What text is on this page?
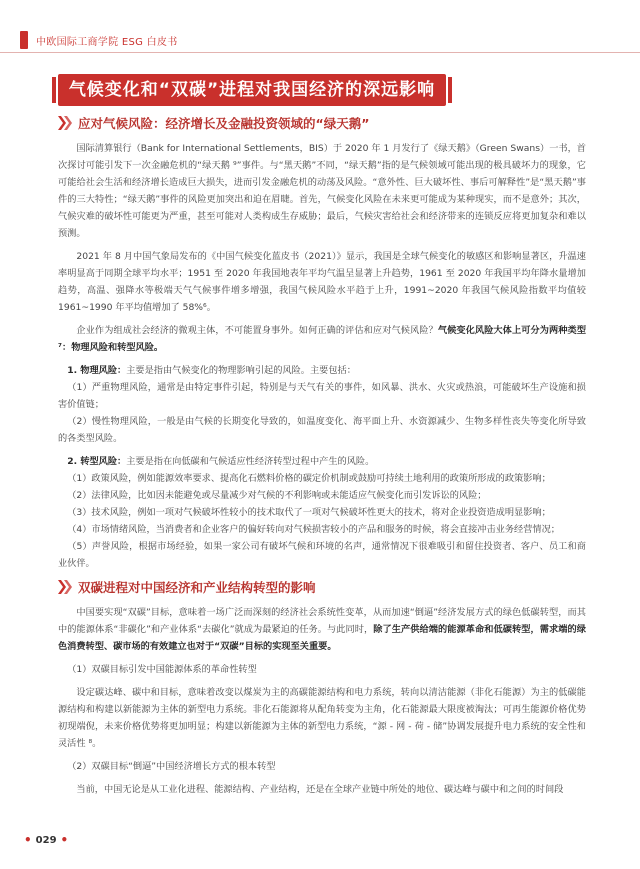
中欧国际工商学院 ESG 白皮书
气候变化和“双碳”进程对我国经济的深远影响
应对气候风险：经济增长及金融投资领域的“绿天鹅”

国际清算银行（Bank for International Settlements，BIS）于 2020 年 1 月发行了《绿天鹅》（Green Swans）一书，首次探讨可能引发下一次金融危机的“绿天鹅 ⁹”事件。与“黑天鹅”不同，“绿天鹅”指的是气候领域可能出现的极具破坏力的现象，它可能给社会生活和经济增长造成巨大损失，进而引发金融危机的动荡及风险。“意外性、巨大破坏性、事后可解释性”是“黑天鹅”事件的三大特性；“绿天鹅”事件的风险更加突出和迫在眉睫。首先，气候变化风险在未来更可能成为某种现实，而不是意外；其次，气候灾难的破坏性可能更为严重，甚至可能对人类构成生存威胁；最后，气候灾害给社会和经济带来的连锁反应将更加复杂和难以预测。

2021 年 8 月中国气象局发布的《中国气候变化蓝皮书（2021）》显示，我国是全球气候变化的敏感区和影响显著区，升温速率明显高于同期全球平均水平；1951 至 2020 年我国地表年平均气温呈显著上升趋势，1961 至 2020 年我国平均年降水量增加趋势，高温、强降水等极端天气气候事件增多增强，我国气候风险水平趋于上升，1991~2020 年我国气候风险指数平均值较 1961~1990 年平均值增加了 58%⁶。

企业作为组成社会经济的微观主体，不可能置身事外。如何正确的评估和应对气候风险？气候变化风险大体上可分为两种类型⁷：物理风险和转型风险。

1. 物理风险：主要是指由气候变化的物理影响引起的风险。主要包括：

（1）严重物理风险，通常是由特定事件引起，特别是与天气有关的事件，如风暴、洪水、火灾或热浪，可能破坏生产设施和损害价值链；

（2）慢性物理风险，一般是由气候的长期变化导致的，如温度变化、海平面上升、水资源减少、生物多样性丧失等变化所导致的各类型风险。

2. 转型风险：主要是指在向低碳和气候适应性经济转型过程中产生的风险。

（1）政策风险，例如能源效率要求、提高化石燃料价格的碳定价机制或鼓励可持续土地利用的政策所形成的政策影响；

（2）法律风险，比如因未能避免或尽量减少对气候的不利影响或未能适应气候变化而引发诉讼的风险；

（3）技术风险，例如一项对气候破坏性较小的技术取代了一项对气候破坏性更大的技术，将对企业投资造成明显影响；

（4）市场情绪风险，当消费者和企业客户的偏好转向对气候损害较小的产品和服务的时候，将会直接冲击业务经营情况；

（5）声誉风险，根据市场经验，如果一家公司有破坏气候和环境的名声，通常情况下很难吸引和留住投资者、客户、员工和商业伙伴。

双碳进程对中国经济和产业结构转型的影响

中国要实现“双碳”目标，意味着一场广泛而深刻的经济社会系统性变革，从而加速“倒逼”经济发展方式的绿色低碳转型，而其中的能源体系“非碳化”和产业体系“去碳化”就成为最紧迫的任务。与此同时，除了生产供给端的能源革命和低碳转型，需求端的绿色消费转型、碳市场的有效建立也对于“双碳”目标的实现至关重要。

（1）双碳目标引发中国能源体系的革命性转型

设定碳达峰、碳中和目标，意味着改变以煤炭为主的高碳能源结构和电力系统，转向以清洁能源（非化石能源）为主的低碳能源结构和构建以新能源为主体的新型电力系统。非化石能源将从配角转变为主角，化石能源最大限度被淘汰；可再生能源价格优势初现端倪，未来价格优势将更加明显；构建以新能源为主体的新型电力系统，“源 - 网 - 荷 - 储”协调发展提升电力系统的安全性和灵活性 ⁸。

（2）双碳目标“倒逼”中国经济增长方式的根本转型

当前，中国无论是从工业化进程、能源结构、产业结构，还是在全球产业链中所处的地位、碳达峰与碳中和之间的时间段

• 029 •
